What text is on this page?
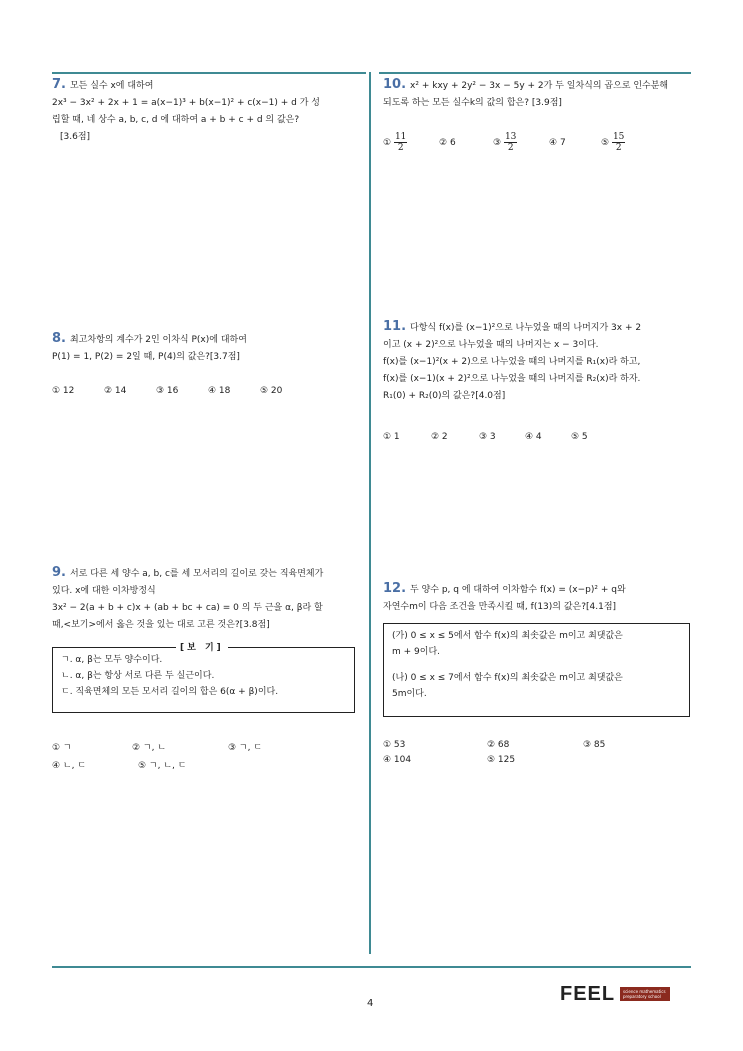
7. 모든 실수 x에 대하여
2x³ − 3x² + 2x + 1 = a(x−1)³ + b(x−1)² + c(x−1) + d 가 성
립할 때, 네 상수 a, b, c, d 에 대하여 a + b + c + d 의 값은?
[3.6점]
8. 최고차항의 계수가 2인 이차식 P(x)에 대하여
P(1) = 1, P(2) = 2일 때, P(4)의 값은?[3.7점]
① 12	② 14	③ 16	④ 18	⑤ 20
9. 서로 다른 세 양수 a, b, c를 세 모서리의 길이로 갖는 직육면체가
있다. x에 대한 이차방정식
3x² − 2(a + b + c)x + (ab + bc + ca) = 0 의 두 근을 α, β라 할
때,<보기>에서 옳은 것을 있는 대로 고른 것은?[3.8점]
ㄱ. α, β는 모두 양수이다.
ㄴ. α, β는 항상 서로 다른 두 실근이다.
ㄷ. 직육면체의 모든 모서리 길이의 합은 6(α + β)이다.
[보 기]
① ㄱ	② ㄱ, ㄴ	③ ㄱ, ㄷ
④ ㄴ, ㄷ	⑤ ㄱ, ㄴ, ㄷ
10. x² + kxy + 2y² − 3x − 5y + 2가 두 일차식의 곱으로 인수분해
되도록 하는 모든 실수k의 값의 합은? [3.9점]
① $\frac{11}{2}$	② 6	③ $\frac{13}{2}$	④ 7	⑤ $\frac{15}{2}$
11. 다항식 f(x)를 (x−1)²으로 나누었을 때의 나머지가 3x + 2
이고 (x + 2)²으로 나누었을 때의 나머지는 x − 3이다.
f(x)를 (x−1)²(x + 2)으로 나누었을 때의 나머지를 R₁(x)라 하고,
f(x)를 (x−1)(x + 2)²으로 나누었을 때의 나머지를 R₂(x)라 하자.
R₁(0) + R₂(0)의 값은?[4.0점]
① 1	② 2	③ 3	④ 4	⑤ 5
12. 두 양수 p, q 에 대하여 이차함수 f(x) = (x−p)² + q와
자연수m이 다음 조건을 만족시킬 때, f(13)의 값은?[4.1점]
(가) 0 ≤ x ≤ 5에서 함수 f(x)의 최솟값은 m이고 최댓값은
m + 9이다.
(나) 0 ≤ x ≤ 7에서 함수 f(x)의 최솟값은 m이고 최댓값은
5m이다.
① 53	② 68	③ 85
④ 104	⑤ 125
4	FEEL	science mathematics preparatory school
